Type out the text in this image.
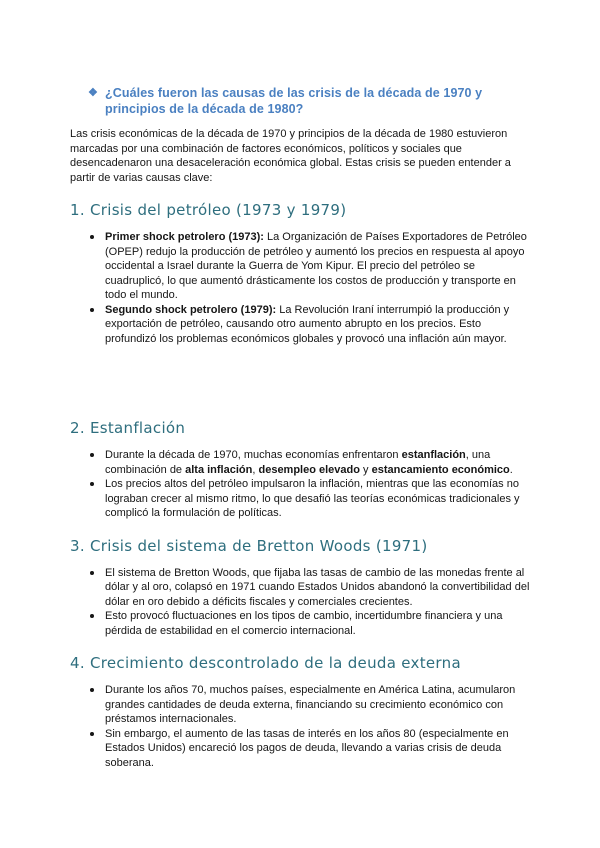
❖ ¿Cuáles fueron las causas de las crisis de la década de 1970 y principios de la década de 1980?

Las crisis económicas de la década de 1970 y principios de la década de 1980 estuvieron marcadas por una combinación de factores económicos, políticos y sociales que desencadenaron una desaceleración económica global. Estas crisis se pueden entender a partir de varias causas clave:

1. Crisis del petróleo (1973 y 1979)
Primer shock petrolero (1973): La Organización de Países Exportadores de Petróleo (OPEP) redujo la producción de petróleo y aumentó los precios en respuesta al apoyo occidental a Israel durante la Guerra de Yom Kipur. El precio del petróleo se cuadruplicó, lo que aumentó drásticamente los costos de producción y transporte en todo el mundo.
Segundo shock petrolero (1979): La Revolución Iraní interrumpió la producción y exportación de petróleo, causando otro aumento abrupto en los precios. Esto profundizó los problemas económicos globales y provocó una inflación aún mayor.
2. Estanflación
Durante la década de 1970, muchas economías enfrentaron estanflación, una combinación de alta inflación, desempleo elevado y estancamiento económico.
Los precios altos del petróleo impulsaron la inflación, mientras que las economías no lograban crecer al mismo ritmo, lo que desafió las teorías económicas tradicionales y complicó la formulación de políticas.
3. Crisis del sistema de Bretton Woods (1971)
El sistema de Bretton Woods, que fijaba las tasas de cambio de las monedas frente al dólar y al oro, colapsó en 1971 cuando Estados Unidos abandonó la convertibilidad del dólar en oro debido a déficits fiscales y comerciales crecientes.
Esto provocó fluctuaciones en los tipos de cambio, incertidumbre financiera y una pérdida de estabilidad en el comercio internacional.
4. Crecimiento descontrolado de la deuda externa
Durante los años 70, muchos países, especialmente en América Latina, acumularon grandes cantidades de deuda externa, financiando su crecimiento económico con préstamos internacionales.
Sin embargo, el aumento de las tasas de interés en los años 80 (especialmente en Estados Unidos) encareció los pagos de deuda, llevando a varias crisis de deuda soberana.
